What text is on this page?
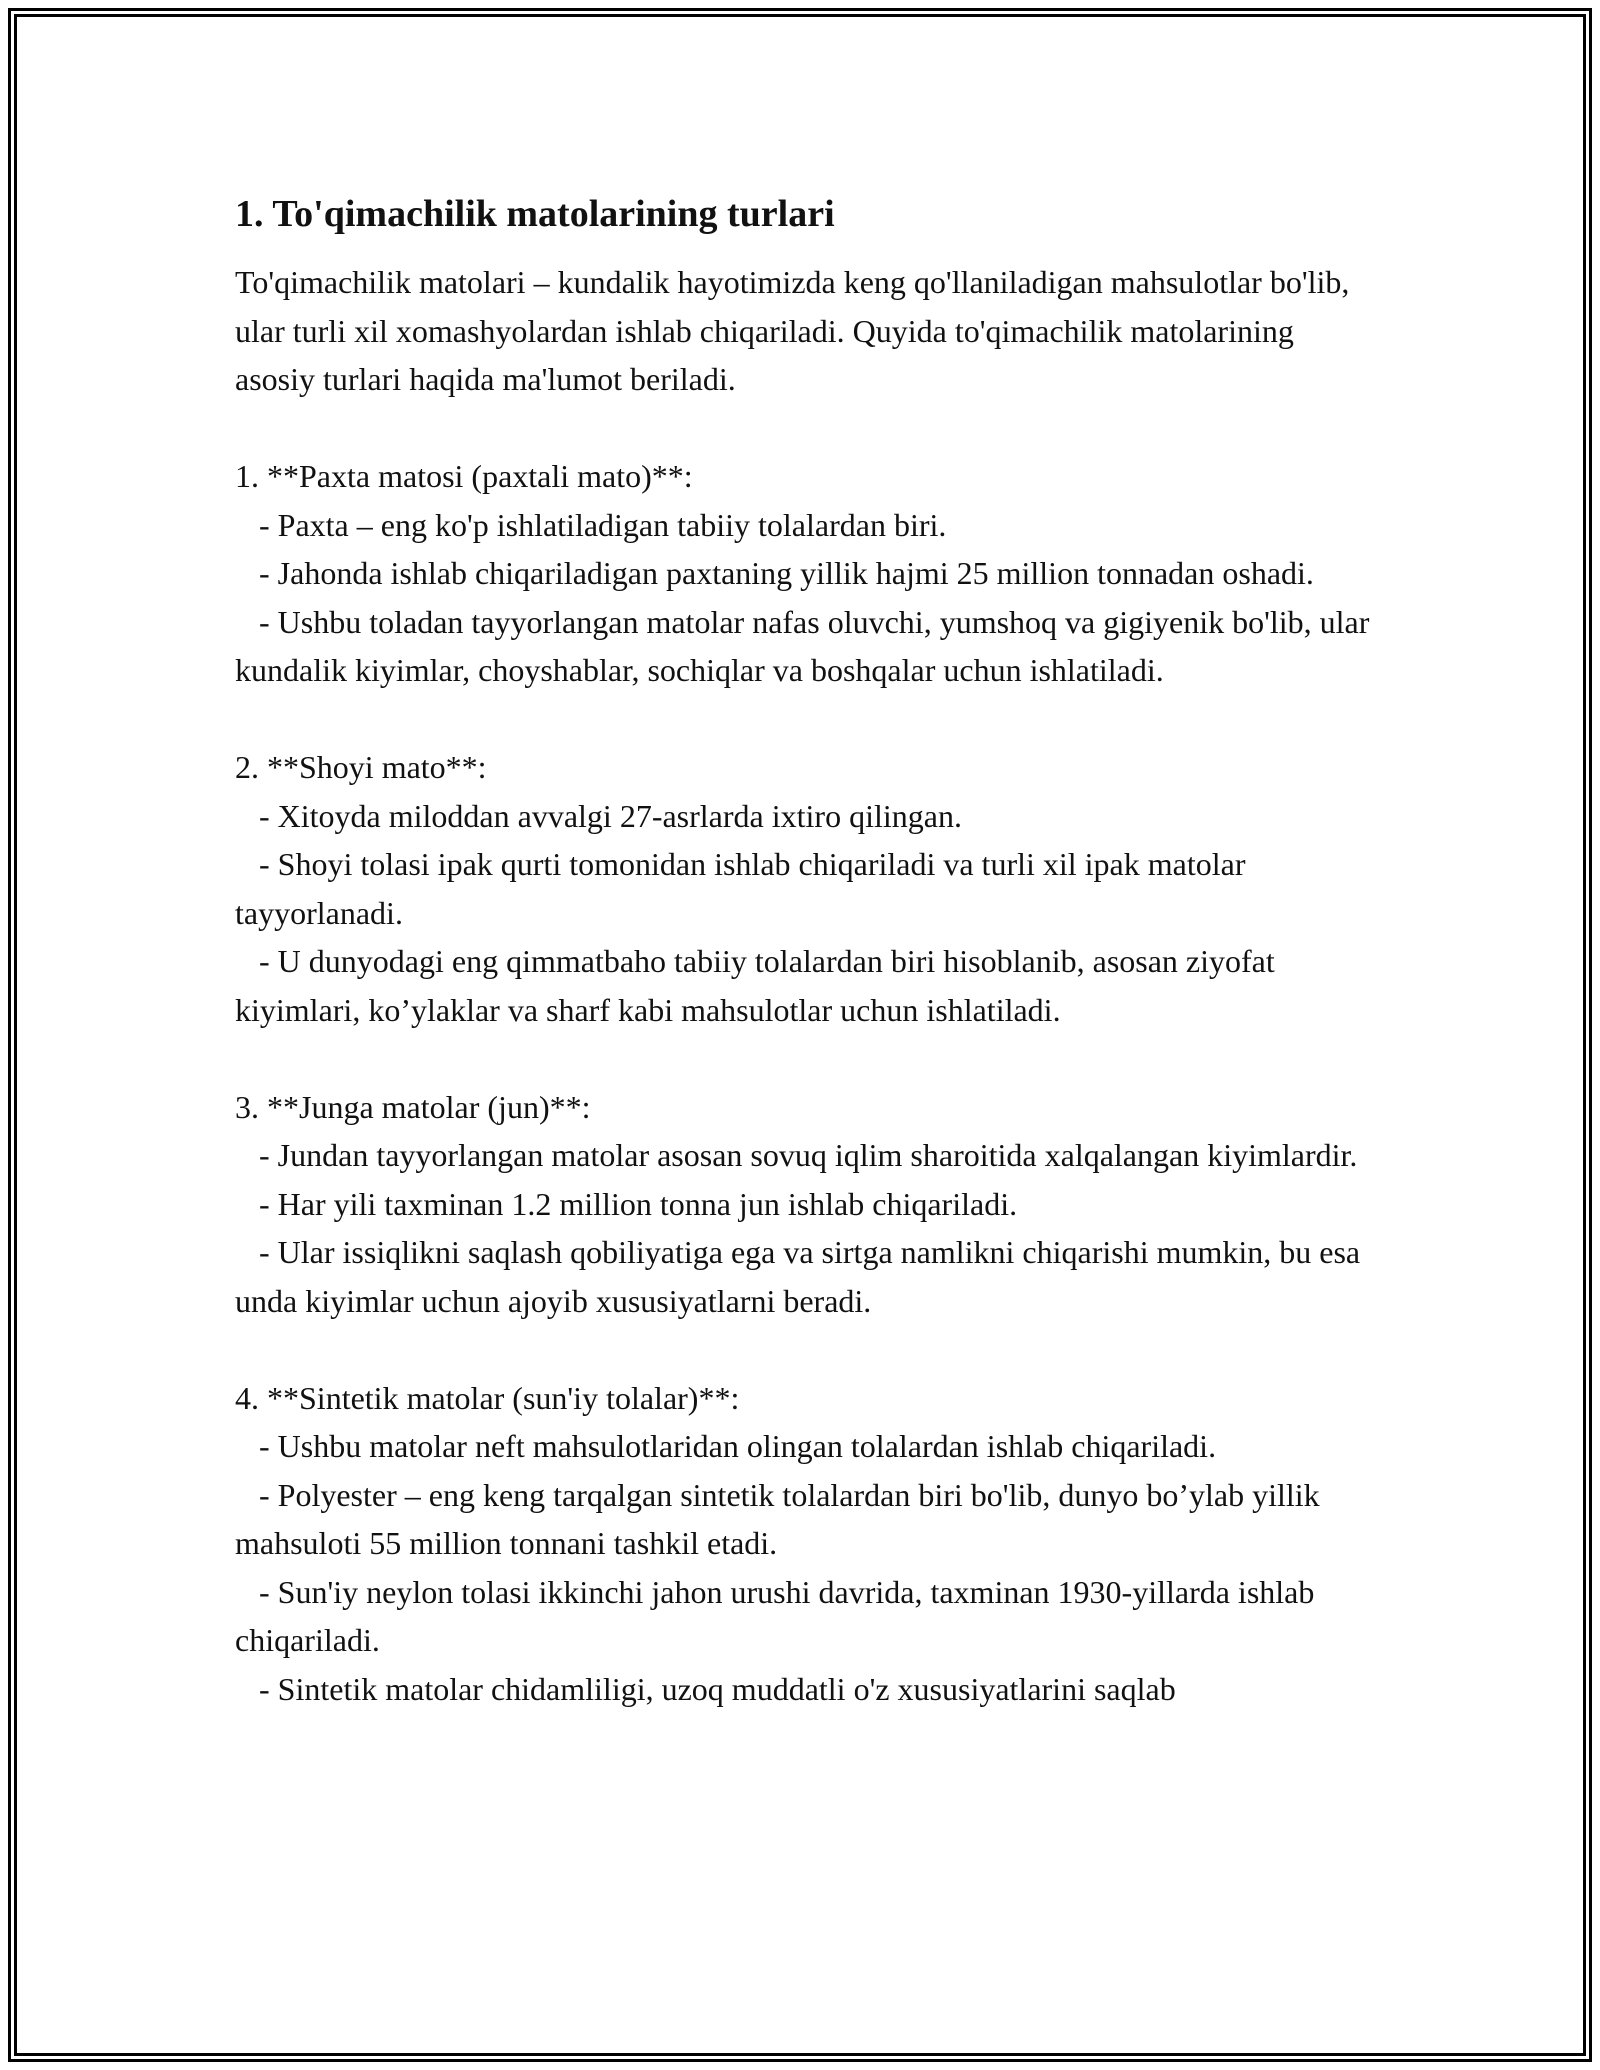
1. To'qimachilik matolarining turlari

To'qimachilik matolari – kundalik hayotimizda keng qo'llaniladigan mahsulotlar bo'lib, ular turli xil xomashyolardan ishlab chiqariladi. Quyida to'qimachilik matolarining asosiy turlari haqida ma'lumot beriladi.

1. **Paxta matosi (paxtali mato)**:
- Paxta – eng ko'p ishlatiladigan tabiiy tolalardan biri.
- Jahonda ishlab chiqariladigan paxtaning yillik hajmi 25 million tonnadan oshadi.
- Ushbu toladan tayyorlangan matolar nafas oluvchi, yumshoq va gigiyenik bo'lib, ular kundalik kiyimlar, choyshablar, sochiqlar va boshqalar uchun ishlatiladi.
2. **Shoyi mato**:
- Xitoyda miloddan avvalgi 27-asrlarda ixtiro qilingan.
- Shoyi tolasi ipak qurti tomonidan ishlab chiqariladi va turli xil ipak matolar tayyorlanadi.
- U dunyodagi eng qimmatbaho tabiiy tolalardan biri hisoblanib, asosan ziyofat kiyimlari, ko’ylaklar va sharf kabi mahsulotlar uchun ishlatiladi.
3. **Junga matolar (jun)**:
- Jundan tayyorlangan matolar asosan sovuq iqlim sharoitida xalqalangan kiyimlardir.
- Har yili taxminan 1.2 million tonna jun ishlab chiqariladi.
- Ular issiqlikni saqlash qobiliyatiga ega va sirtga namlikni chiqarishi mumkin, bu esa unda kiyimlar uchun ajoyib xususiyatlarni beradi.
4. **Sintetik matolar (sun'iy tolalar)**:
- Ushbu matolar neft mahsulotlaridan olingan tolalardan ishlab chiqariladi.
- Polyester – eng keng tarqalgan sintetik tolalardan biri bo'lib, dunyo bo’ylab yillik mahsuloti 55 million tonnani tashkil etadi.
- Sun'iy neylon tolasi ikkinchi jahon urushi davrida, taxminan 1930-yillarda ishlab chiqariladi.
- Sintetik matolar chidamliligi, uzoq muddatli o'z xususiyatlarini saqlab
